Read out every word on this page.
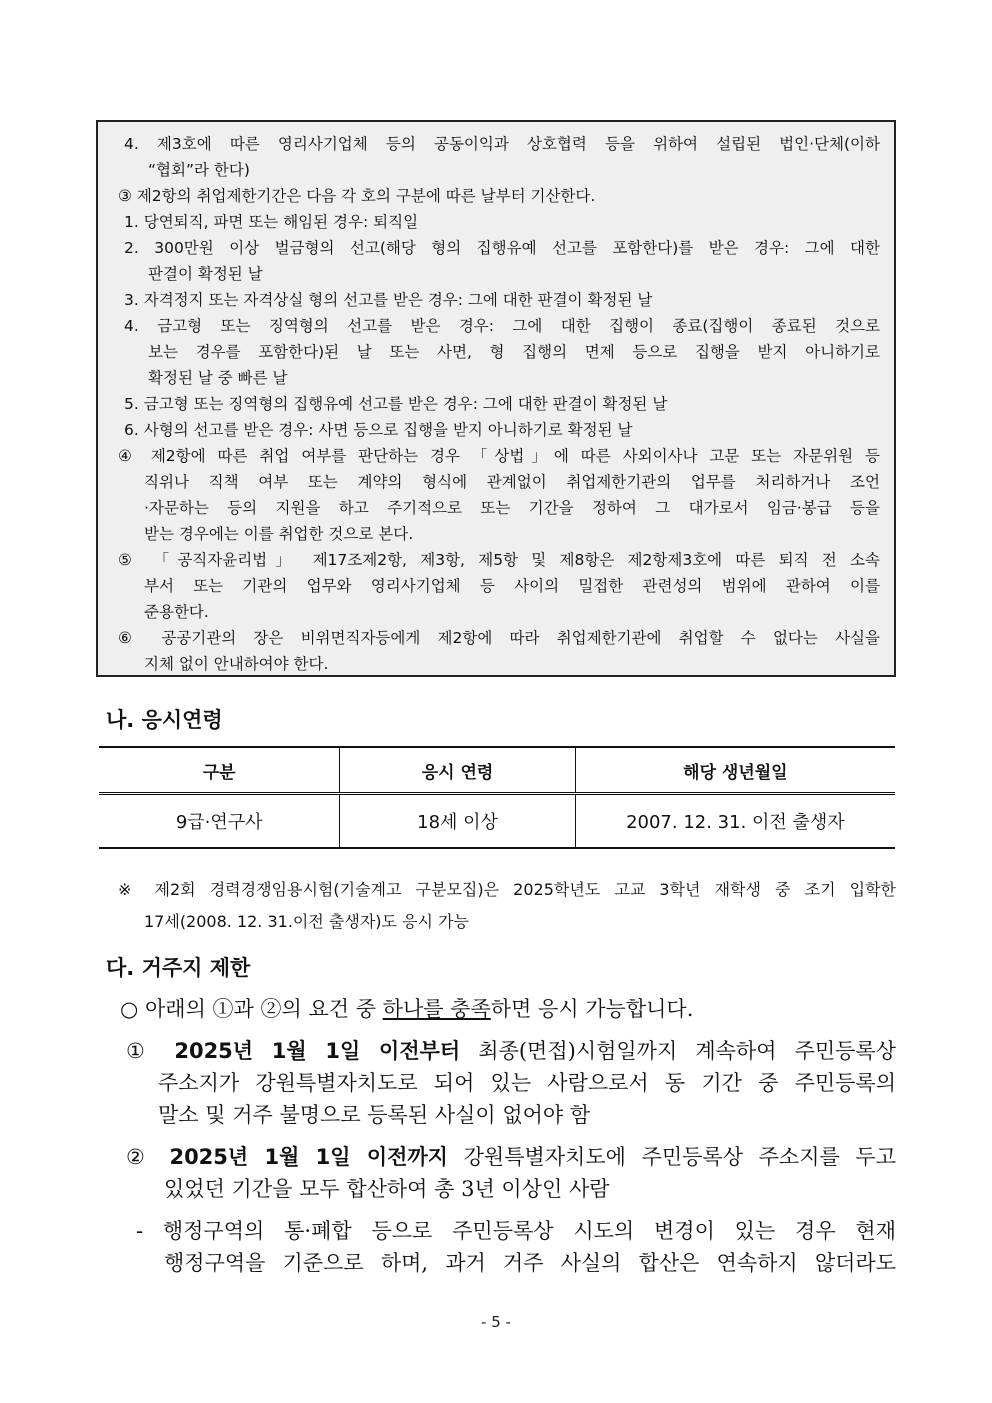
4. 제3호에 따른 영리사기업체 등의 공동이익과 상호협력 등을 위하여 설립된 법인·단체(이하
“협회”라 한다)
③ 제2항의 취업제한기간은 다음 각 호의 구분에 따른 날부터 기산한다.
1. 당연퇴직, 파면 또는 해임된 경우: 퇴직일
2. 300만원 이상 벌금형의 선고(해당 형의 집행유예 선고를 포함한다)를 받은 경우: 그에 대한
판결이 확정된 날
3. 자격정지 또는 자격상실 형의 선고를 받은 경우: 그에 대한 판결이 확정된 날
4. 금고형 또는 징역형의 선고를 받은 경우: 그에 대한 집행이 종료(집행이 종료된 것으로
보는 경우를 포함한다)된 날 또는 사면, 형 집행의 면제 등으로 집행을 받지 아니하기로
확정된 날 중 빠른 날
5. 금고형 또는 징역형의 집행유예 선고를 받은 경우: 그에 대한 판결이 확정된 날
6. 사형의 선고를 받은 경우: 사면 등으로 집행을 받지 아니하기로 확정된 날
④ 제2항에 따른 취업 여부를 판단하는 경우 「상법」에 따른 사외이사나 고문 또는 자문위원 등
직위나 직책 여부 또는 계약의 형식에 관계없이 취업제한기관의 업무를 처리하거나 조언
·자문하는 등의 지원을 하고 주기적으로 또는 기간을 정하여 그 대가로서 임금·봉급 등을
받는 경우에는 이를 취업한 것으로 본다.
⑤ 「공직자윤리법」 제17조제2항, 제3항, 제5항 및 제8항은 제2항제3호에 따른 퇴직 전 소속
부서 또는 기관의 업무와 영리사기업체 등 사이의 밀접한 관련성의 범위에 관하여 이를
준용한다.
⑥ 공공기관의 장은 비위면직자등에게 제2항에 따라 취업제한기관에 취업할 수 없다는 사실을
지체 없이 안내하여야 한다.
나. 응시연령
구분	응시 연령	해당 생년월일
9급·연구사	18세 이상	2007. 12. 31. 이전 출생자
※ 제2회 경력경쟁임용시험(기술계고 구분모집)은 2025학년도 고교 3학년 재학생 중 조기 입학한
17세(2008. 12. 31.이전 출생자)도 응시 가능
다. 거주지 제한
○ 아래의 ①과 ②의 요건 중 하나를 충족하면 응시 가능합니다.
① 2025년 1월 1일 이전부터 최종(면접)시험일까지 계속하여 주민등록상
주소지가 강원특별자치도로 되어 있는 사람으로서 동 기간 중 주민등록의
말소 및 거주 불명으로 등록된 사실이 없어야 함
② 2025년 1월 1일 이전까지 강원특별자치도에 주민등록상 주소지를 두고
있었던 기간을 모두 합산하여 총 3년 이상인 사람
- 행정구역의 통·폐합 등으로 주민등록상 시도의 변경이 있는 경우 현재
행정구역을 기준으로 하며, 과거 거주 사실의 합산은 연속하지 않더라도
- 5 -
